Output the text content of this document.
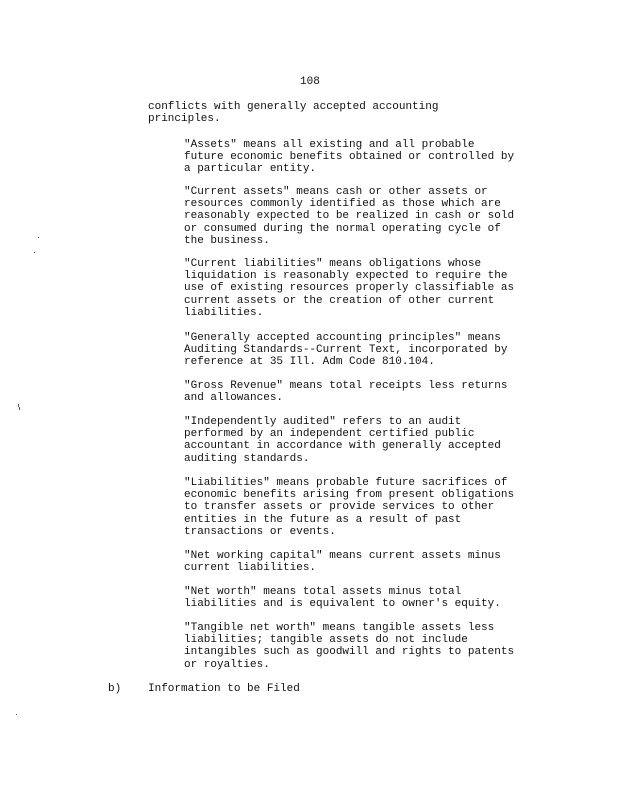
108
conflicts with generally accepted accounting
principles.
"Assets" means all existing and all probable
future economic benefits obtained or controlled by
a particular entity.
"Current assets" means cash or other assets or
resources commonly identified as those which are
reasonably expected to be realized in cash or sold
or consumed during the normal operating cycle of
the business.
"Current liabilities" means obligations whose
liquidation is reasonably expected to require the
use of existing resources properly classifiable as
current assets or the creation of other current
liabilities.
"Generally accepted accounting principles" means
Auditing Standards--Current Text, incorporated by
reference at 35 Ill. Adm Code 810.104.
"Gross Revenue" means total receipts less returns
and allowances.
"Independently audited" refers to an audit
performed by an independent certified public
accountant in accordance with generally accepted
auditing standards.
"Liabilities" means probable future sacrifices of
economic benefits arising from present obligations
to transfer assets or provide services to other
entities in the future as a result of past
transactions or events.
"Net working capital" means current assets minus
current liabilities.
"Net worth" means total assets minus total
liabilities and is equivalent to owner's equity.
"Tangible net worth" means tangible assets less
liabilities; tangible assets do not include
intangibles such as goodwill and rights to patents
or royalties.
b) Information to be Filed
